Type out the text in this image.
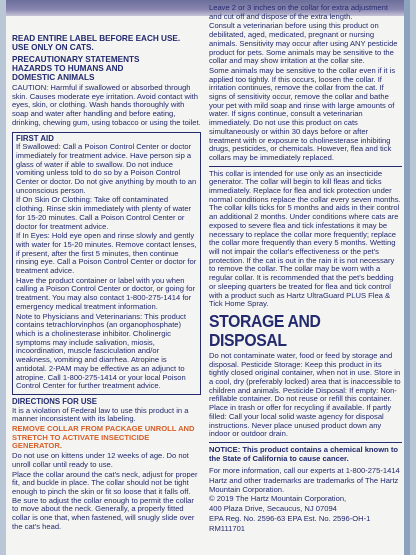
READ ENTIRE LABEL BEFORE EACH USE.
USE ONLY ON CATS.
PRECAUTIONARY STATEMENTS
HAZARDS TO HUMANS AND
DOMESTIC ANIMALS

CAUTION: Harmful if swallowed or absorbed through skin. Causes moderate eye irritation. Avoid contact with eyes, skin, or clothing. Wash hands thoroughly with soap and water after handling and before eating, drinking, chewing gum, using tobacco or using the toilet.

FIRST AID

If Swallowed: Call a Poison Control Center or doctor immediately for treatment advice. Have person sip a glass of water if able to swallow. Do not induce vomiting unless told to do so by a Poison Control Center or doctor. Do not give anything by mouth to an unconscious person.

If On Skin Or Clothing: Take off contaminated clothing. Rinse skin immediately with plenty of water for 15-20 minutes. Call a Poison Control Center or doctor for treatment advice.

If In Eyes: Hold eye open and rinse slowly and gently with water for 15-20 minutes. Remove contact lenses, if present, after the first 5 minutes, then continue rinsing eye. Call a Poison Control Center or doctor for treatment advice.

Have the product container or label with you when calling a Poison Control Center or doctor, or going for treatment. You may also contact 1-800-275-1414 for emergency medical treatment information.

Note to Physicians and Veterinarians: This product contains tetrachlorvinphos (an organophosphate) which is a cholinesterase inhibitor. Cholinergic symptoms may include salivation, miosis, incoordination, muscle fasciculation and/or weakness, vomiting and diarrhea. Atropine is antidotal. 2-PAM may be effective as an adjunct to atropine. Call 1-800-275-1414 or your local Poison Control Center for further treatment advice.

DIRECTIONS FOR USE

It is a violation of Federal law to use this product in a manner inconsistent with its labeling.

REMOVE COLLAR FROM PACKAGE UNROLL AND STRETCH TO ACTIVATE INSECTICIDE GENERATOR.

Do not use on kittens under 12 weeks of age. Do not unroll collar until ready to use.

Place the collar around the cat's neck, adjust for proper fit, and buckle in place. The collar should not be tight enough to pinch the skin or fit so loose that it falls off. Be sure to adjust the collar enough to permit the collar to move about the neck. Generally, a properly fitted collar is one that, when fastened, will snugly slide over the cat's head.

Leave 2 or 3 inches on the collar for extra adjustment and cut off and dispose of the extra length.

Consult a veterinarian before using this product on debilitated, aged, medicated, pregnant or nursing animals. Sensitivity may occur after using ANY pesticide product for pets. Some animals may be sensitive to the collar and may show irritation at the collar site.

Some animals may be sensitive to the collar even if it is applied too tightly. If this occurs, loosen the collar. If irritation continues, remove the collar from the cat. If signs of sensitivity occur, remove the collar and bathe your pet with mild soap and rinse with large amounts of water. If signs continue, consult a veterinarian immediately. Do not use this product on cats simultaneously or within 30 days before or after treatment with or exposure to cholinesterase inhibiting drugs, pesticides, or chemicals. However, flea and tick collars may be immediately replaced.

This collar is intended for use only as an insecticide generator. The collar will begin to kill fleas and ticks immediately. Replace for flea and tick protection under normal conditions replace the collar every seven months. The collar kills ticks for 5 months and aids in their control an additional 2 months. Under conditions where cats are exposed to severe flea and tick infestations it may be necessary to replace the collar more frequently; replace the collar more frequently than every 5 months. Wetting will not impair the collar's effectiveness or the pet's protection. If the cat is out in the rain it is not necessary to remove the collar. The collar may be worn with a regular collar. It is recommended that the pet's bedding or sleeping quarters be treated for flea and tick control with a product such as Hartz UltraGuard PLUS Flea & Tick Home Spray.

STORAGE AND DISPOSAL

Do not contaminate water, food or feed by storage and disposal. Pesticide Storage: Keep this product in its tightly closed original container, when not in use. Store in a cool, dry (preferably locked) area that is inaccessible to children and animals. Pesticide Disposal: If empty: Non-refillable container. Do not reuse or refill this container. Place in trash or offer for recycling if available. If partly filled: Call your local solid waste agency for disposal instructions. Never place unused product down any indoor or outdoor drain.

NOTICE: This product contains a chemical known to the State of California to cause cancer.

For more information, call our experts at 1-800-275-1414

Hartz and other trademarks are trademarks of The Hartz Mountain Corporation.

© 2019 The Hartz Mountain Corporation,

400 Plaza Drive, Secaucus, NJ 07094

EPA Reg. No. 2596-63 EPA Est. No. 2596-OH-1

RM111701
